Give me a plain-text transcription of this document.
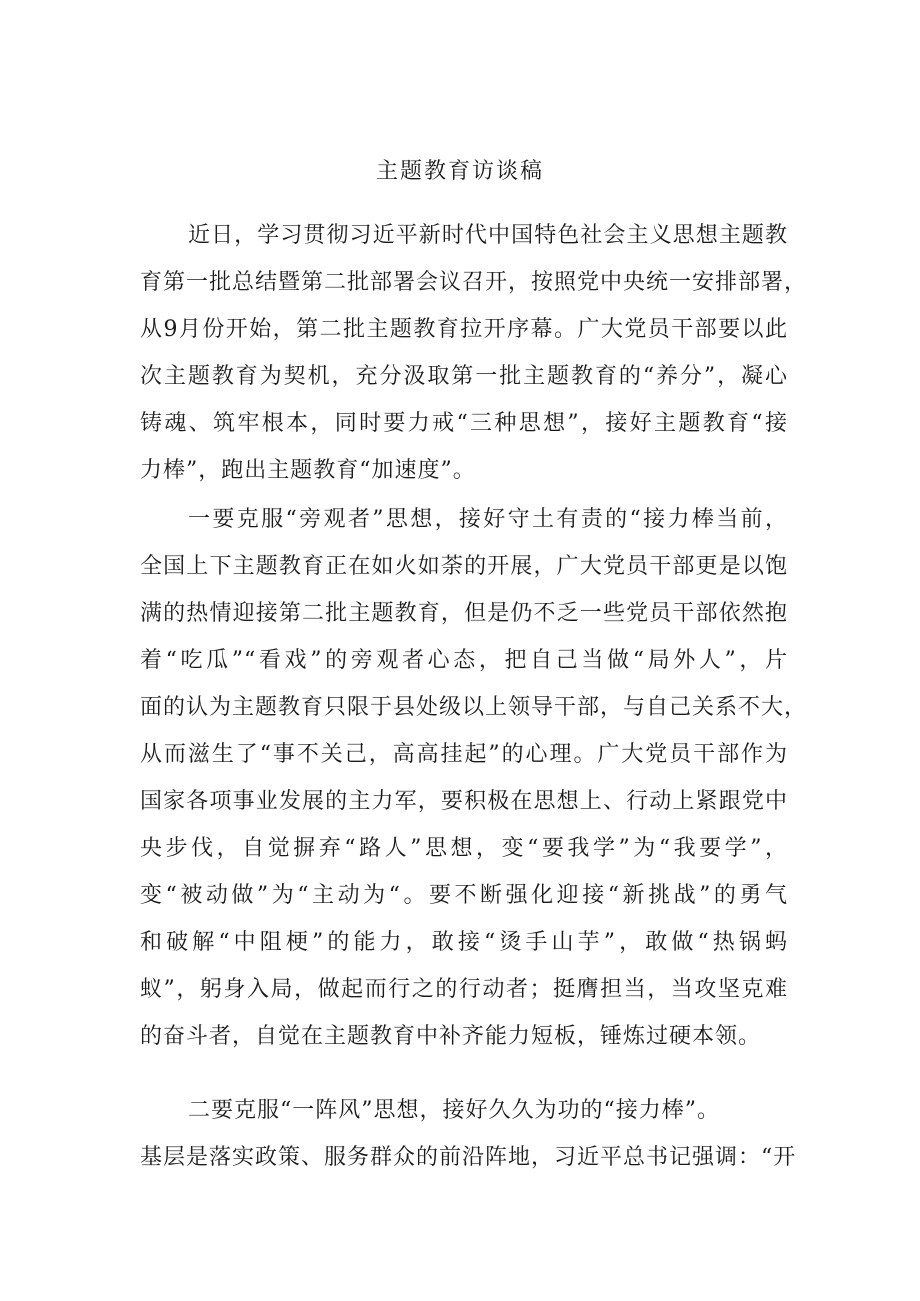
主题教育访谈稿
近日，学习贯彻习近平新时代中国特色社会主义思想主题教
育第一批总结暨第二批部署会议召开，按照党中央统一安排部署，
从9月份开始，第二批主题教育拉开序幕。广大党员干部要以此
次主题教育为契机，充分汲取第一批主题教育的“养分”，凝心
铸魂、筑牢根本，同时要力戒“三种思想”，接好主题教育“接
力棒”，跑出主题教育“加速度”。
一要克服“旁观者”思想，接好守土有责的“接力棒当前，
全国上下主题教育正在如火如荼的开展，广大党员干部更是以饱
满的热情迎接第二批主题教育，但是仍不乏一些党员干部依然抱
着“吃瓜”“看戏”的旁观者心态，把自己当做“局外人”，片
面的认为主题教育只限于县处级以上领导干部，与自己关系不大，
从而滋生了“事不关己，高高挂起”的心理。广大党员干部作为
国家各项事业发展的主力军，要积极在思想上、行动上紧跟党中
央步伐，自觉摒弃“路人”思想，变“要我学”为“我要学”，
变“被动做”为“主动为“。要不断强化迎接“新挑战”的勇气
和破解“中阻梗”的能力，敢接“烫手山芋”，敢做“热锅蚂
蚁”，躬身入局，做起而行之的行动者；挺膺担当，当攻坚克难
的奋斗者，自觉在主题教育中补齐能力短板，锤炼过硬本领。
二要克服“一阵风”思想，接好久久为功的“接力棒”。
基层是落实政策、服务群众的前沿阵地，习近平总书记强调：“开
